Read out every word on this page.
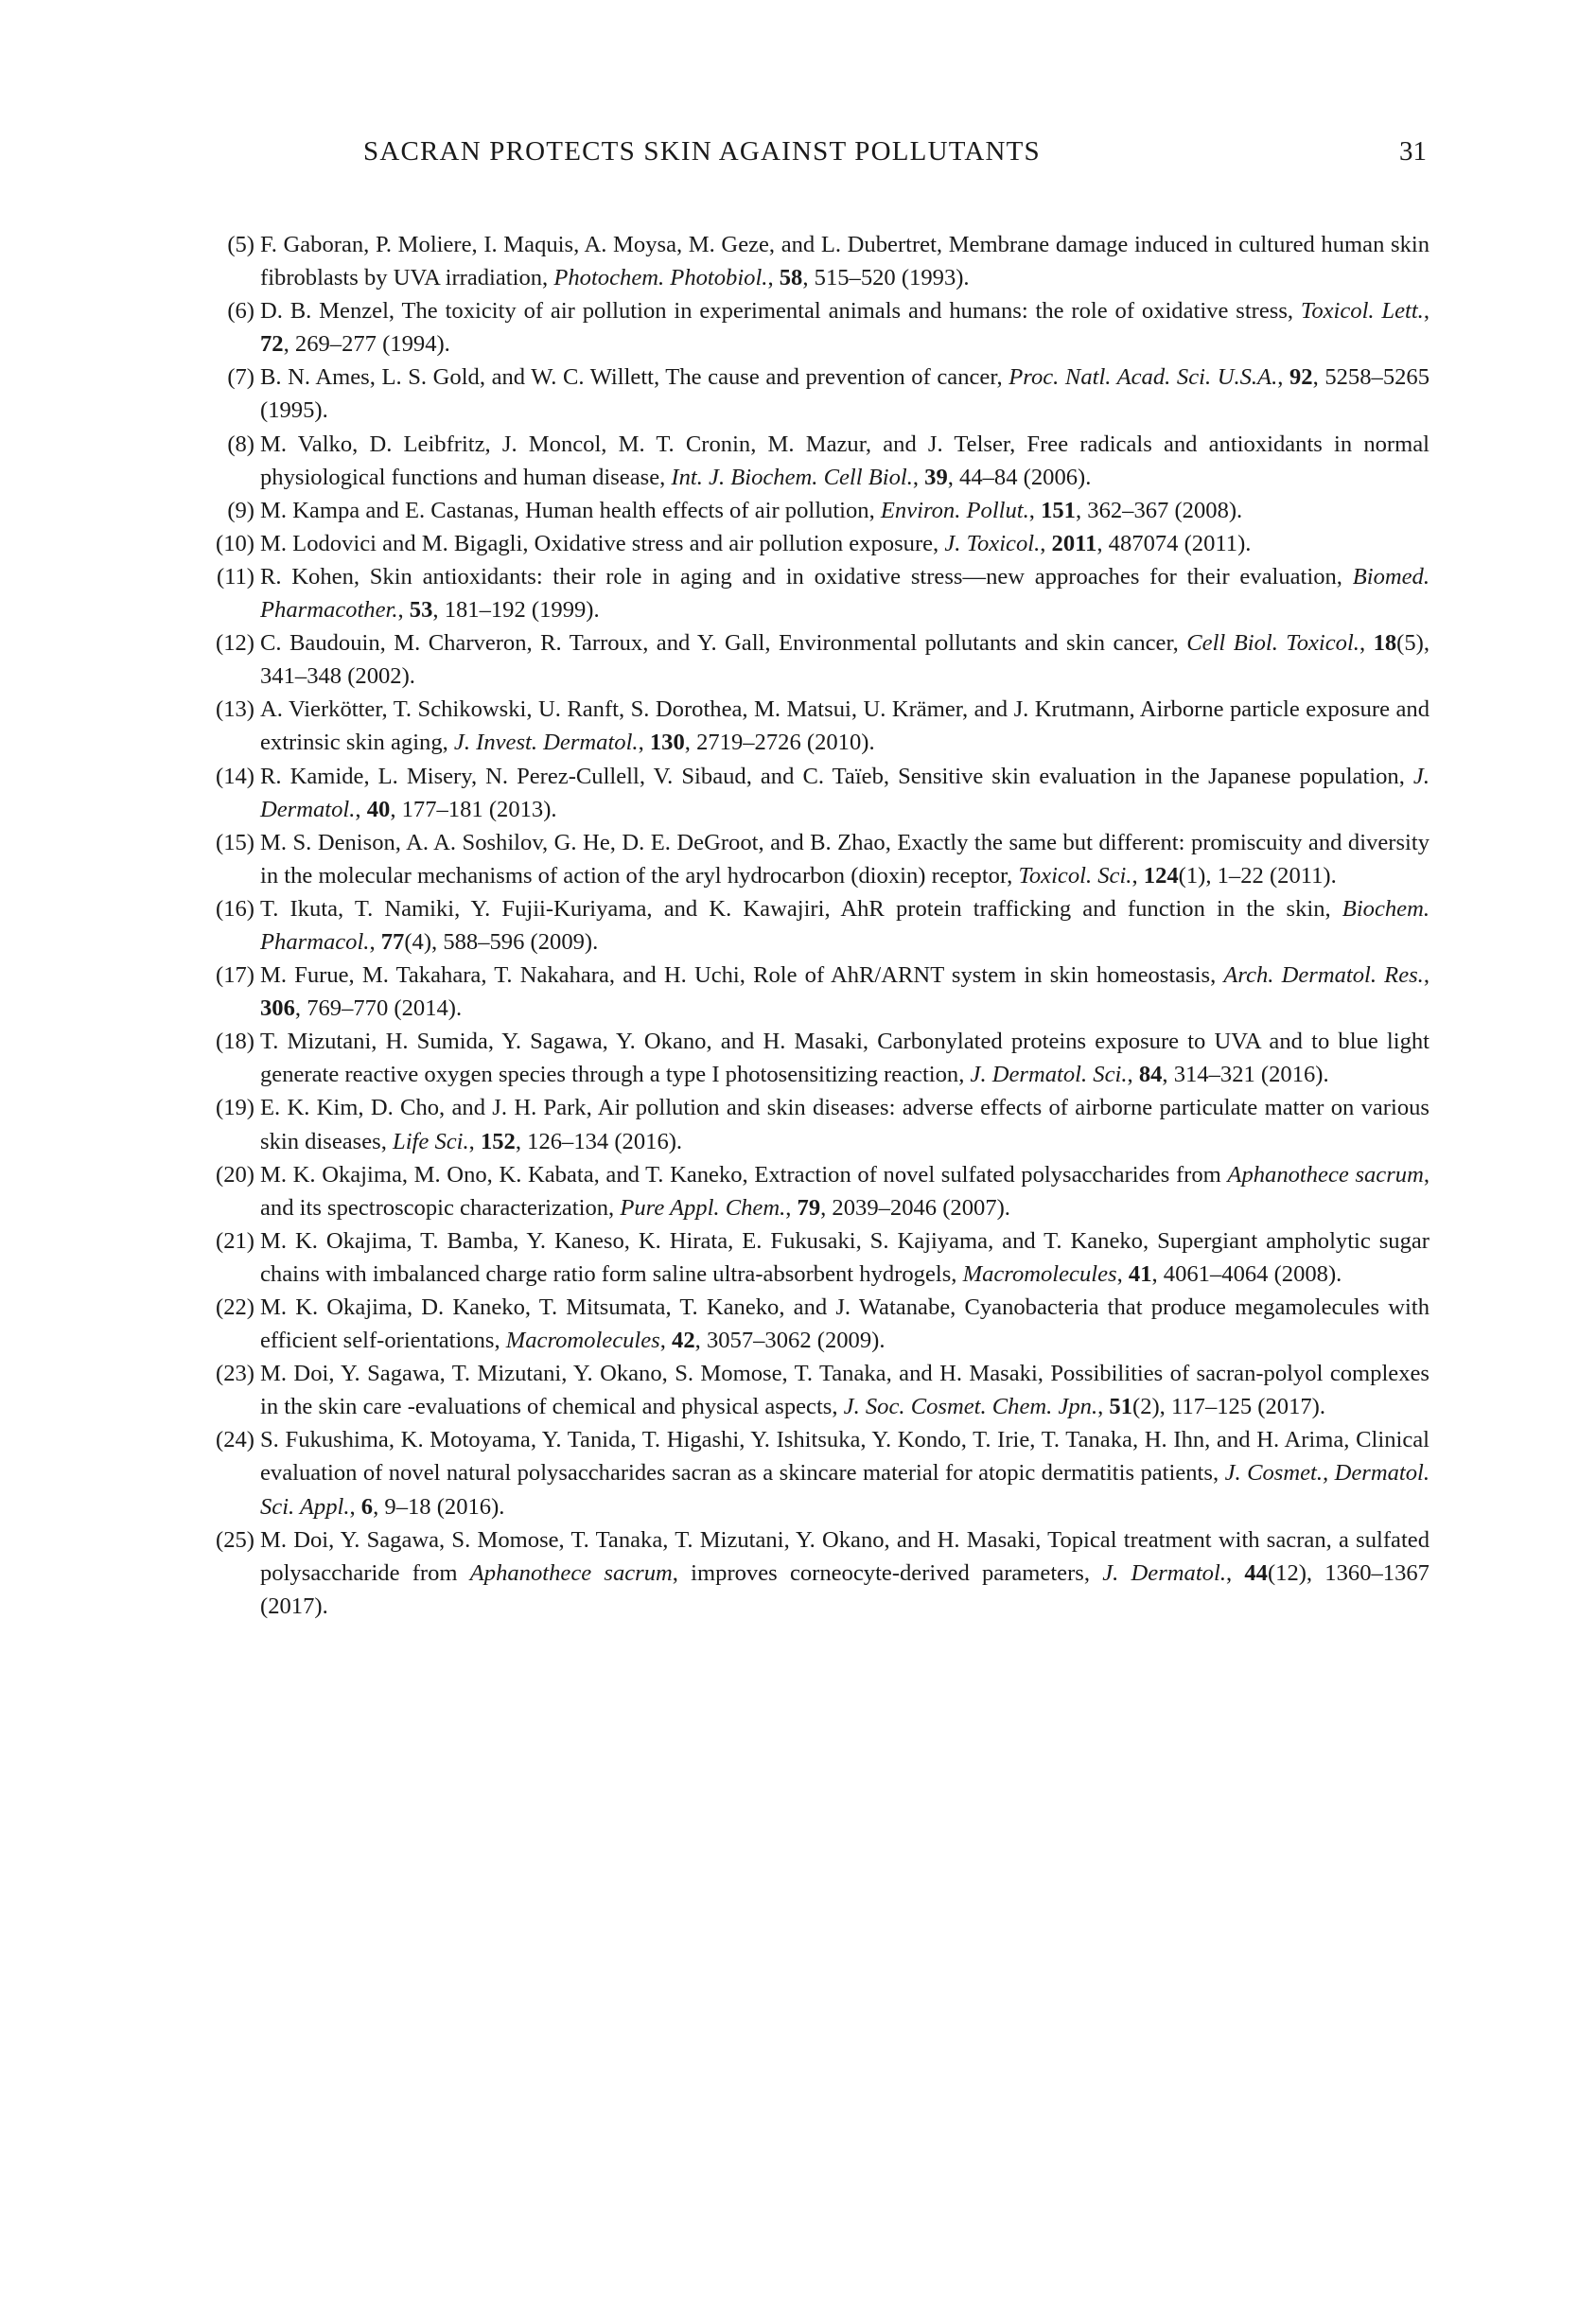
SACRAN PROTECTS SKIN AGAINST POLLUTANTS	31
(5) F. Gaboran, P. Moliere, I. Maquis, A. Moysa, M. Geze, and L. Dubertret, Membrane damage induced in cultured human skin fibroblasts by UVA irradiation, Photochem. Photobiol., 58, 515–520 (1993).
(6) D. B. Menzel, The toxicity of air pollution in experimental animals and humans: the role of oxidative stress, Toxicol. Lett., 72, 269–277 (1994).
(7) B. N. Ames, L. S. Gold, and W. C. Willett, The cause and prevention of cancer, Proc. Natl. Acad. Sci. U.S.A., 92, 5258–5265 (1995).
(8) M. Valko, D. Leibfritz, J. Moncol, M. T. Cronin, M. Mazur, and J. Telser, Free radicals and antioxidants in normal physiological functions and human disease, Int. J. Biochem. Cell Biol., 39, 44–84 (2006).
(9) M. Kampa and E. Castanas, Human health effects of air pollution, Environ. Pollut., 151, 362–367 (2008).
(10) M. Lodovici and M. Bigagli, Oxidative stress and air pollution exposure, J. Toxicol., 2011, 487074 (2011).
(11) R. Kohen, Skin antioxidants: their role in aging and in oxidative stress—new approaches for their evaluation, Biomed. Pharmacother., 53, 181–192 (1999).
(12) C. Baudouin, M. Charveron, R. Tarroux, and Y. Gall, Environmental pollutants and skin cancer, Cell Biol. Toxicol., 18(5), 341–348 (2002).
(13) A. Vierkötter, T. Schikowski, U. Ranft, S. Dorothea, M. Matsui, U. Krämer, and J. Krutmann, Airborne particle exposure and extrinsic skin aging, J. Invest. Dermatol., 130, 2719–2726 (2010).
(14) R. Kamide, L. Misery, N. Perez-Cullell, V. Sibaud, and C. Taïeb, Sensitive skin evaluation in the Japanese population, J. Dermatol., 40, 177–181 (2013).
(15) M. S. Denison, A. A. Soshilov, G. He, D. E. DeGroot, and B. Zhao, Exactly the same but different: promiscuity and diversity in the molecular mechanisms of action of the aryl hydrocarbon (dioxin) receptor, Toxicol. Sci., 124(1), 1–22 (2011).
(16) T. Ikuta, T. Namiki, Y. Fujii-Kuriyama, and K. Kawajiri, AhR protein trafficking and function in the skin, Biochem. Pharmacol., 77(4), 588–596 (2009).
(17) M. Furue, M. Takahara, T. Nakahara, and H. Uchi, Role of AhR/ARNT system in skin homeostasis, Arch. Dermatol. Res., 306, 769–770 (2014).
(18) T. Mizutani, H. Sumida, Y. Sagawa, Y. Okano, and H. Masaki, Carbonylated proteins exposure to UVA and to blue light generate reactive oxygen species through a type I photosensitizing reaction, J. Dermatol. Sci., 84, 314–321 (2016).
(19) E. K. Kim, D. Cho, and J. H. Park, Air pollution and skin diseases: adverse effects of airborne particulate matter on various skin diseases, Life Sci., 152, 126–134 (2016).
(20) M. K. Okajima, M. Ono, K. Kabata, and T. Kaneko, Extraction of novel sulfated polysaccharides from Aphanothece sacrum, and its spectroscopic characterization, Pure Appl. Chem., 79, 2039–2046 (2007).
(21) M. K. Okajima, T. Bamba, Y. Kaneso, K. Hirata, E. Fukusaki, S. Kajiyama, and T. Kaneko, Supergiant ampholytic sugar chains with imbalanced charge ratio form saline ultra-absorbent hydrogels, Macromolecules, 41, 4061–4064 (2008).
(22) M. K. Okajima, D. Kaneko, T. Mitsumata, T. Kaneko, and J. Watanabe, Cyanobacteria that produce megamolecules with efficient self-orientations, Macromolecules, 42, 3057–3062 (2009).
(23) M. Doi, Y. Sagawa, T. Mizutani, Y. Okano, S. Momose, T. Tanaka, and H. Masaki, Possibilities of sacran-polyol complexes in the skin care -evaluations of chemical and physical aspects, J. Soc. Cosmet. Chem. Jpn., 51(2), 117–125 (2017).
(24) S. Fukushima, K. Motoyama, Y. Tanida, T. Higashi, Y. Ishitsuka, Y. Kondo, T. Irie, T. Tanaka, H. Ihn, and H. Arima, Clinical evaluation of novel natural polysaccharides sacran as a skincare material for atopic dermatitis patients, J. Cosmet., Dermatol. Sci. Appl., 6, 9–18 (2016).
(25) M. Doi, Y. Sagawa, S. Momose, T. Tanaka, T. Mizutani, Y. Okano, and H. Masaki, Topical treatment with sacran, a sulfated polysaccharide from Aphanothece sacrum, improves corneocyte-derived parameters, J. Dermatol., 44(12), 1360–1367 (2017).
